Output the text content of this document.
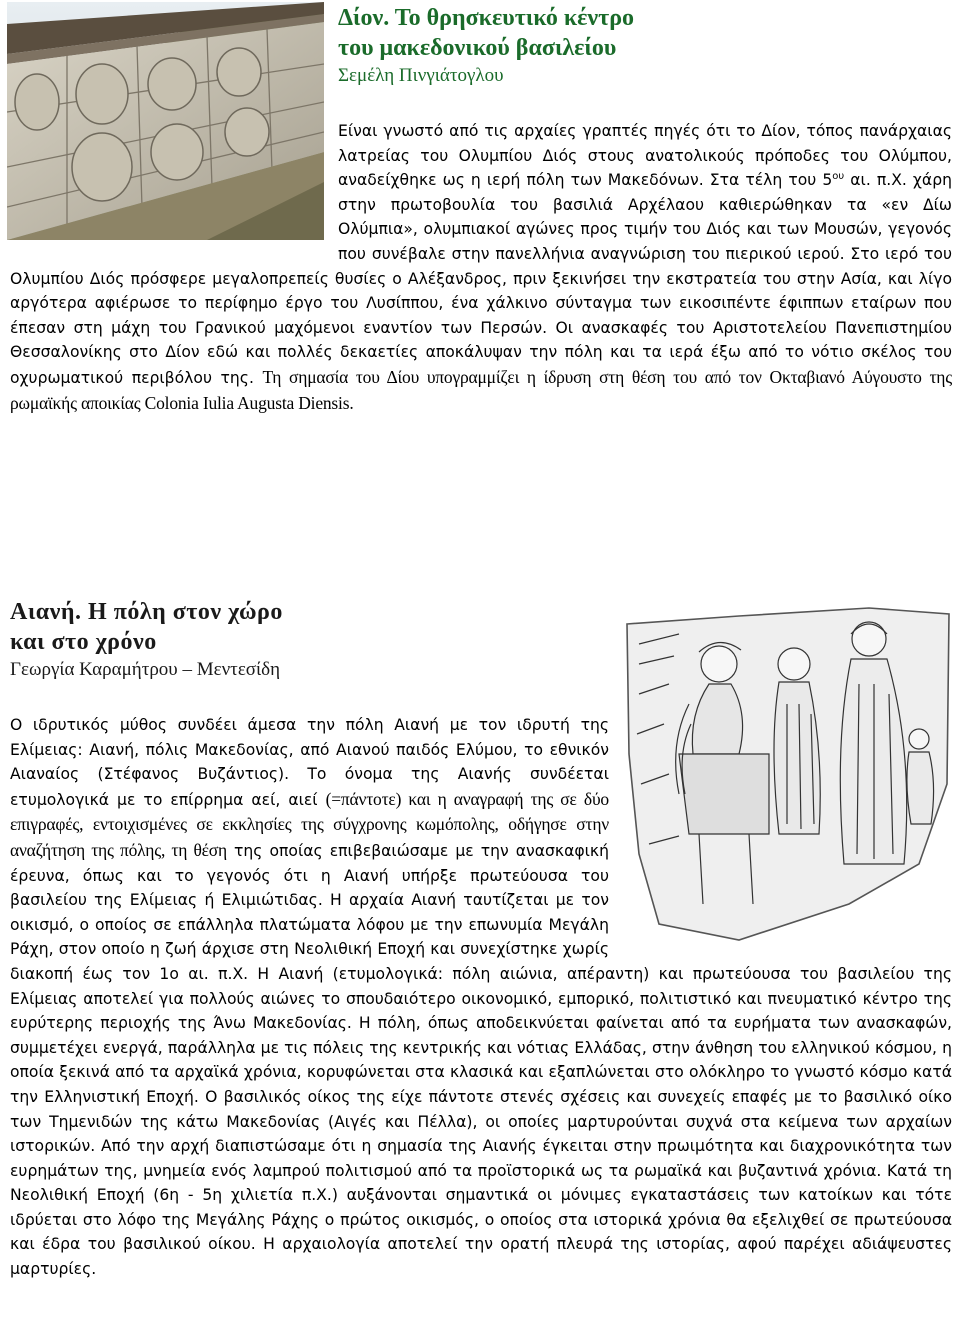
Δίον. Το θρησκευτικό κέντρο
του μακεδονικού βασιλείου

Σεμέλη Πινγιάτογλου

Είναι γνωστό από τις αρχαίες γραπτές πηγές ότι το Δίον, τόπος πανάρχαιας λατρείας του Ολυμπίου Διός στους ανατολικούς πρόποδες του Ολύμπου, αναδείχθηκε ως η ιερή πόλη των Μακεδόνων. Στα τέλη του $5^{o\upsilon}$ αι. π.Χ. χάρη στην πρωτοβουλία του βασιλιά Αρχέλαου καθιερώθηκαν τα «εν Δίω Ολύμπια», ολυμπιακοί αγώνες προς τιμήν του Διός και των Μουσών, γεγονός που συνέβαλε στην πανελλήνια αναγνώριση του πιερικού ιερού. Στο ιερό του Ολυμπίου Διός πρόσφερε μεγαλοπρεπείς θυσίες ο Αλέξανδρος, πριν ξεκινήσει την εκστρατεία του στην Ασία, και λίγο αργότερα αφιέρωσε το περίφημο έργο του Λυσίππου, ένα χάλκινο σύνταγμα των εικοσιπέντε έφιππων εταίρων που έπεσαν στη μάχη του Γρανικού μαχόμενοι εναντίον των Περσών. Οι ανασκαφές του Αριστοτελείου Πανεπιστημίου Θεσσαλονίκης στο Δίον εδώ και πολλές δεκαετίες αποκάλυψαν την πόλη και τα ιερά έξω από το νότιο σκέλος του οχυρωματικού περιβόλου της. Τη σημασία του Δίου υπογραμμίζει η ίδρυση στη θέση του από τον Οκταβιανό Αύγουστο της ρωμαϊκής αποικίας Colonia Iulia Augusta Diensis.

Αιανή. Η πόλη στον χώρο
και στο χρόνο

Γεωργία Καραμήτρου – Μεντεσίδη

Ο ιδρυτικός μύθος συνδέει άμεσα την πόλη Αιανή με τον ιδρυτή της Ελίμειας: Αιανή, πόλις Μακεδονίας, από Αιανού παιδός Ελύμου, το εθνικόν Αιαναίος (Στέφανος Βυζάντιος). Το όνομα της Αιανής συνδέεται ετυμολογικά με το επίρρημα αεί, αιεί (=πάντοτε) και η αναγραφή της σε δύο επιγραφές, εντοιχισμένες σε εκκλησίες της σύγχρονης κωμόπολης, οδήγησε στην αναζήτηση της πόλης, τη θέση της οποίας επιβεβαιώσαμε με την ανασκαφική έρευνα, όπως και το γεγονός ότι η Αιανή υπήρξε πρωτεύουσα του βασιλείου της Ελίμειας ή Ελιμιώτιδας. Η αρχαία Αιανή ταυτίζεται με τον οικισμό, ο οποίος σε επάλληλα πλατώματα λόφου με την επωνυμία Μεγάλη Ράχη, στον οποίο η ζωή άρχισε στη Νεολιθική Εποχή και συνεχίστηκε χωρίς διακοπή έως τον 1ο αι. π.Χ. Η Αιανή (ετυμολογικά: πόλη αιώνια, απέραντη) και πρωτεύουσα του βασιλείου της Ελίμειας αποτελεί για πολλούς αιώνες το σπουδαιότερο οικονομικό, εμπορικό, πολιτιστικό και πνευματικό κέντρο της ευρύτερης περιοχής της Άνω Μακεδονίας. Η πόλη, όπως αποδεικνύεται φαίνεται από τα ευρήματα των ανασκαφών, συμμετέχει ενεργά, παράλληλα με τις πόλεις της κεντρικής και νότιας Ελλάδας, στην άνθηση του ελληνικού κόσμου, η οποία ξεκινά από τα αρχαϊκά χρόνια, κορυφώνεται στα κλασικά και εξαπλώνεται στο ολόκληρο το γνωστό κόσμο κατά την Ελληνιστική Εποχή. Ο βασιλικός οίκος της είχε πάντοτε στενές σχέσεις και συνεχείς επαφές με το βασιλικό οίκο των Τημενιδών της κάτω Μακεδονίας (Αιγές και Πέλλα), οι οποίες μαρτυρούνται συχνά στα κείμενα των αρχαίων ιστορικών. Από την αρχή διαπιστώσαμε ότι η σημασία της Αιανής έγκειται στην πρωιμότητα και διαχρονικότητα των ευρημάτων της, μνημεία ενός λαμπρού πολιτισμού από τα προϊστορικά ως τα ρωμαϊκά και βυζαντινά χρόνια. Κατά τη Νεολιθική Εποχή (6η - 5η χιλιετία π.Χ.) αυξάνονται σημαντικά οι μόνιμες εγκαταστάσεις των κατοίκων και τότε ιδρύεται στο λόφο της Μεγάλης Ράχης ο πρώτος οικισμός, ο οποίος στα ιστορικά χρόνια θα εξελιχθεί σε πρωτεύουσα και έδρα του βασιλικού οίκου. Η αρχαιολογία αποτελεί την ορατή πλευρά της ιστορίας, αφού παρέχει αδιάψευστες μαρτυρίες.
